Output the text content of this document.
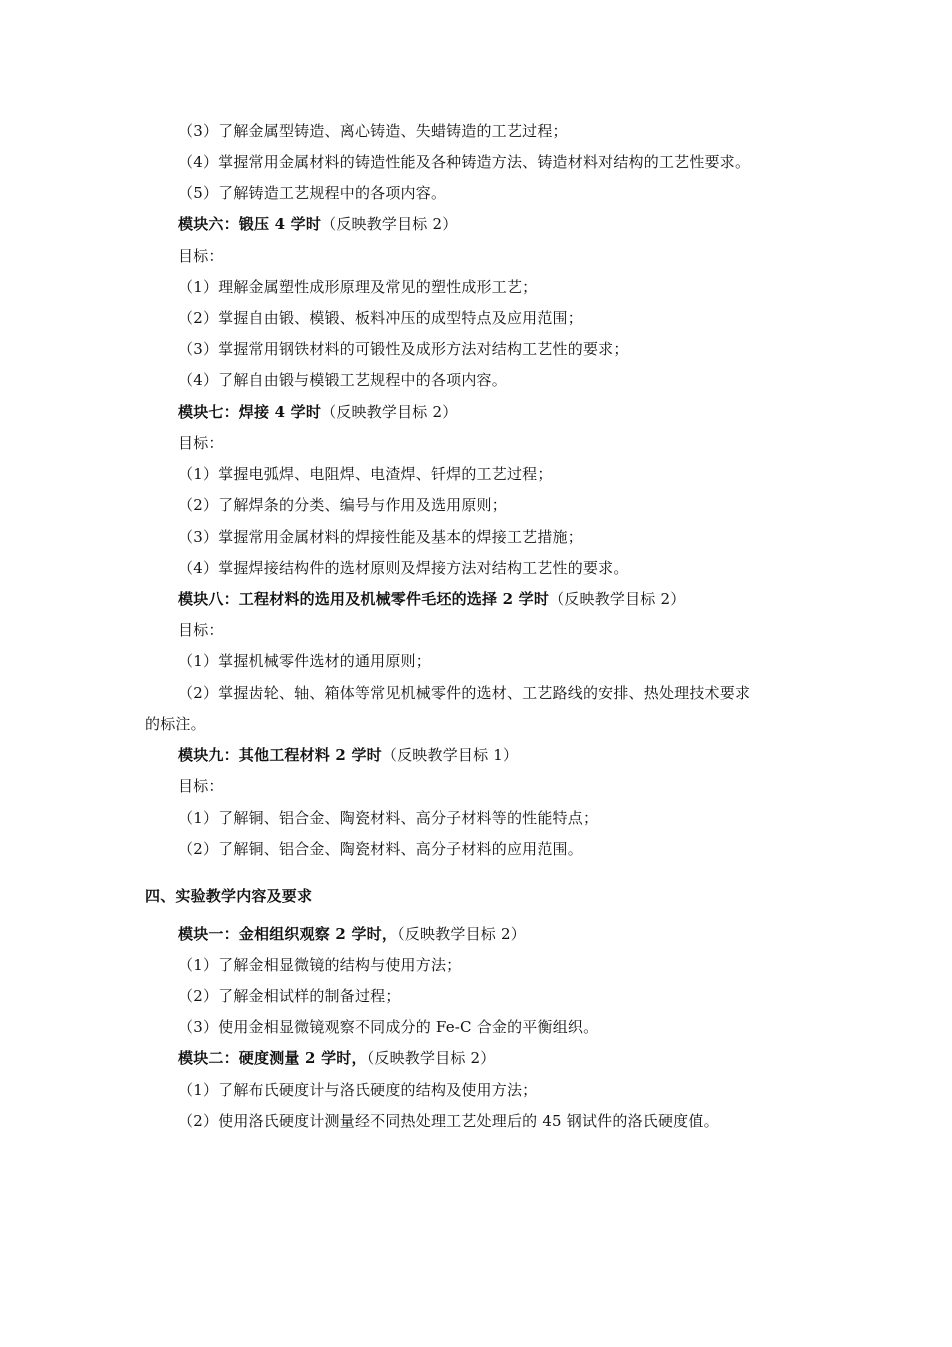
（3）了解金属型铸造、离心铸造、失蜡铸造的工艺过程；
（4）掌握常用金属材料的铸造性能及各种铸造方法、铸造材料对结构的工艺性要求。
（5）了解铸造工艺规程中的各项内容。
模块六：锻压 4 学时（反映教学目标 2）
目标：
（1）理解金属塑性成形原理及常见的塑性成形工艺；
（2）掌握自由锻、模锻、板料冲压的成型特点及应用范围；
（3）掌握常用钢铁材料的可锻性及成形方法对结构工艺性的要求；
（4）了解自由锻与模锻工艺规程中的各项内容。
模块七：焊接 4 学时（反映教学目标 2）
目标：
（1）掌握电弧焊、电阻焊、电渣焊、钎焊的工艺过程；
（2）了解焊条的分类、编号与作用及选用原则；
（3）掌握常用金属材料的焊接性能及基本的焊接工艺措施；
（4）掌握焊接结构件的选材原则及焊接方法对结构工艺性的要求。
模块八：工程材料的选用及机械零件毛坯的选择 2 学时（反映教学目标 2）
目标：
（1）掌握机械零件选材的通用原则；
（2）掌握齿轮、轴、箱体等常见机械零件的选材、工艺路线的安排、热处理技术要求
的标注。
模块九：其他工程材料 2 学时（反映教学目标 1）
目标：
（1）了解铜、铝合金、陶瓷材料、高分子材料等的性能特点；
（2）了解铜、铝合金、陶瓷材料、高分子材料的应用范围。
四、实验教学内容及要求
模块一：金相组织观察 2 学时，（反映教学目标 2）
（1）了解金相显微镜的结构与使用方法；
（2）了解金相试样的制备过程；
（3）使用金相显微镜观察不同成分的 Fe-C 合金的平衡组织。
模块二：硬度测量 2 学时，（反映教学目标 2）
（1）了解布氏硬度计与洛氏硬度的结构及使用方法；
（2）使用洛氏硬度计测量经不同热处理工艺处理后的 45 钢试件的洛氏硬度值。
